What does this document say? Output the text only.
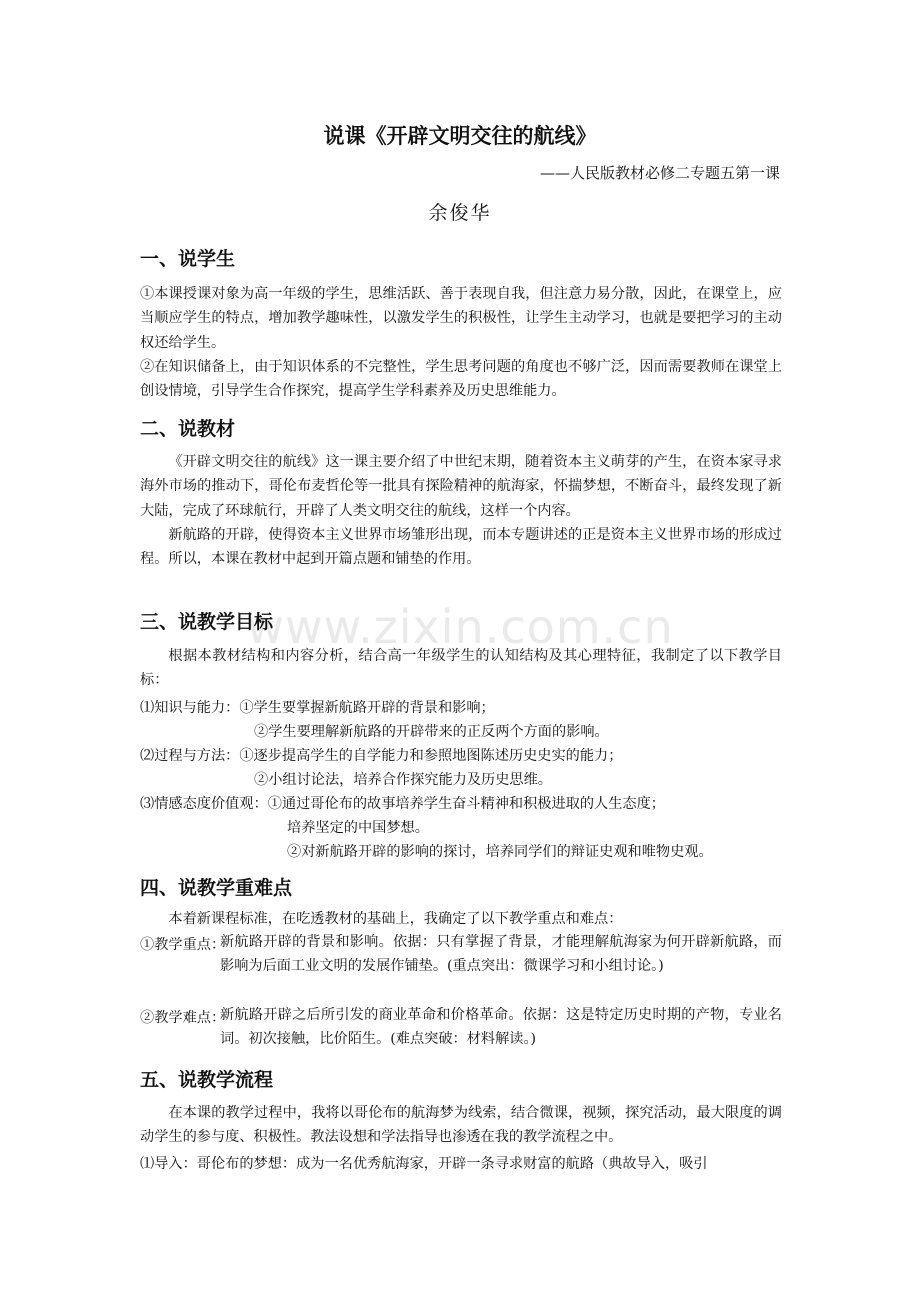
www.zixin.com.cn
说课《开辟文明交往的航线》
——人民版教材必修二专题五第一课
余俊华
一、说学生
①本课授课对象为高一年级的学生，思维活跃、善于表现自我，但注意力易分散，因此，在课堂上，应当顺应学生的特点，增加教学趣味性，以激发学生的积极性，让学生主动学习，也就是要把学习的主动权还给学生。
②在知识储备上，由于知识体系的不完整性，学生思考问题的角度也不够广泛，因而需要教师在课堂上创设情境，引导学生合作探究，提高学生学科素养及历史思维能力。
二、说教材
《开辟文明交往的航线》这一课主要介绍了中世纪末期，随着资本主义萌芽的产生，在资本家寻求海外市场的推动下，哥伦布麦哲伦等一批具有探险精神的航海家，怀揣梦想，不断奋斗，最终发现了新大陆，完成了环球航行，开辟了人类文明交往的航线，这样一个内容。
新航路的开辟，使得资本主义世界市场雏形出现，而本专题讲述的正是资本主义世界市场的形成过程。所以，本课在教材中起到开篇点题和铺垫的作用。
三、说教学目标
根据本教材结构和内容分析，结合高一年级学生的认知结构及其心理特征，我制定了以下教学目标：
⑴知识与能力：①学生要掌握新航路开辟的背景和影响；
②学生要理解新航路的开辟带来的正反两个方面的影响。
⑵过程与方法：①逐步提高学生的自学能力和参照地图陈述历史史实的能力；
②小组讨论法，培养合作探究能力及历史思维。
⑶情感态度价值观：①通过哥伦布的故事培养学生奋斗精神和积极进取的人生态度；
培养坚定的中国梦想。
②对新航路开辟的影响的探讨，培养同学们的辩证史观和唯物史观。
四、说教学重难点
本着新课程标准，在吃透教材的基础上，我确定了以下教学重点和难点：
①教学重点：
新航路开辟的背景和影响。依据：只有掌握了背景，才能理解航海家为何开辟新航路，而影响为后面工业文明的发展作铺垫。(重点突出：微课学习和小组讨论。)
②教学难点：
新航路开辟之后所引发的商业革命和价格革命。依据：这是特定历史时期的产物，专业名词。初次接触，比价陌生。(难点突破：材料解读。)
五、说教学流程
在本课的教学过程中，我将以哥伦布的航海梦为线索，结合微课，视频，探究活动，最大限度的调动学生的参与度、积极性。教法设想和学法指导也渗透在我的教学流程之中。
⑴导入：哥伦布的梦想：成为一名优秀航海家，开辟一条寻求财富的航路（典故导入，吸引
